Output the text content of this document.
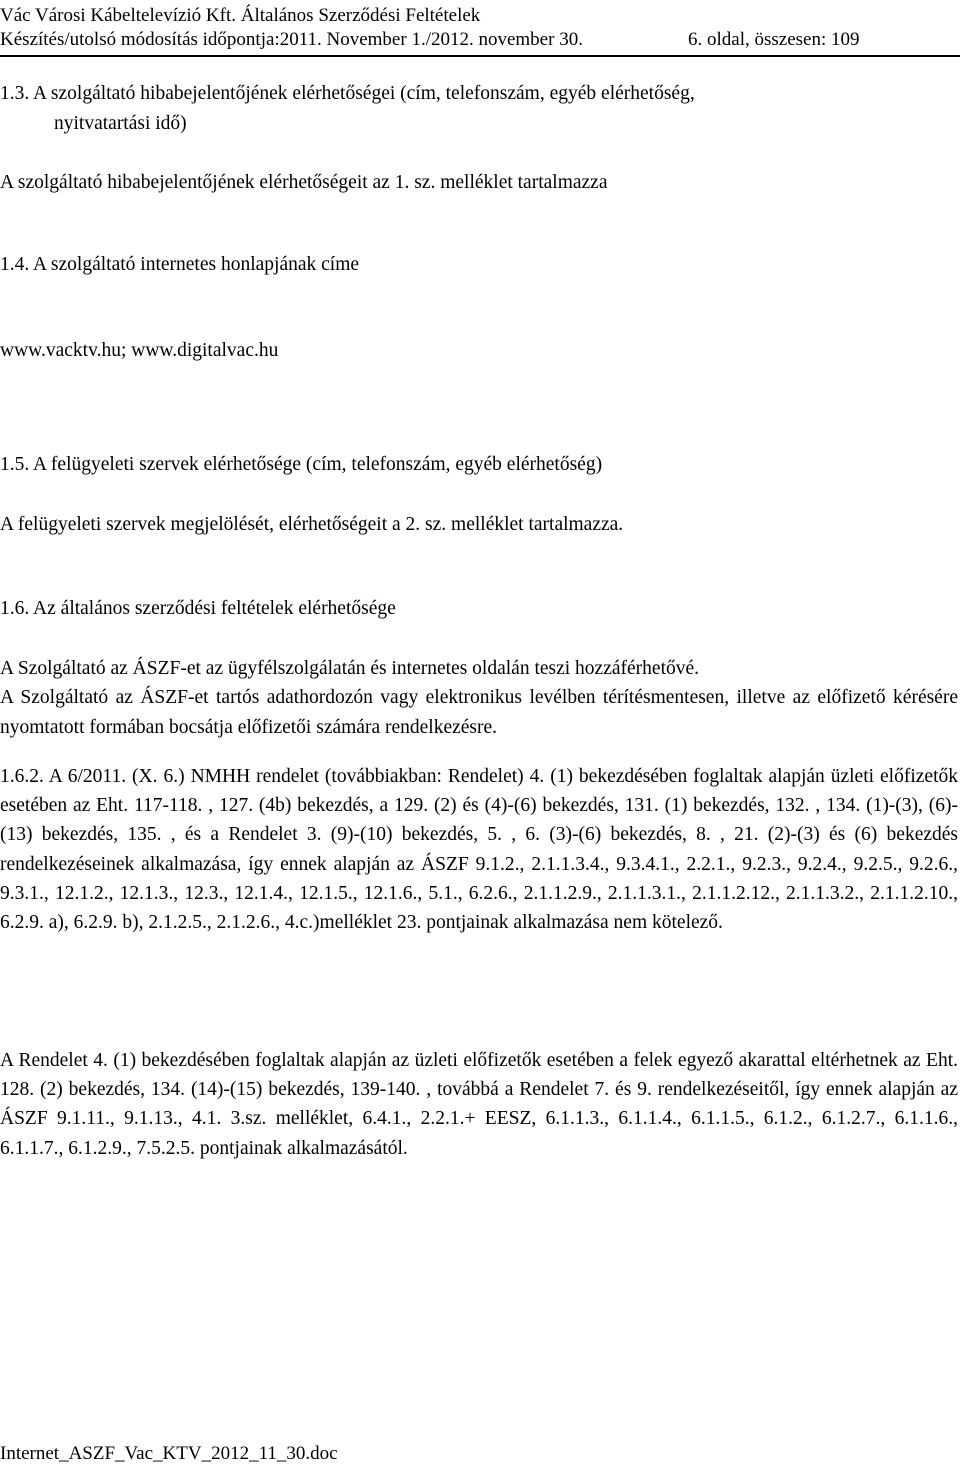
Vác Városi Kábeltelevízió Kft. Általános Szerződési Feltételek
Készítés/utolsó módosítás időpontja:2011. November 1./2012. november 30.	6. oldal, összesen: 109
1.3. A szolgáltató hibabejelentőjének elérhetőségei (cím, telefonszám, egyéb elérhetőség,
nyitvatartási idő)
A szolgáltató hibabejelentőjének elérhetőségeit az 1. sz. melléklet tartalmazza
1.4. A szolgáltató internetes honlapjának címe
www.vacktv.hu; www.digitalvac.hu
1.5. A felügyeleti szervek elérhetősége (cím, telefonszám, egyéb elérhetőség)
A felügyeleti szervek megjelölését, elérhetőségeit a 2. sz. melléklet tartalmazza.
1.6. Az általános szerződési feltételek elérhetősége
A Szolgáltató az ÁSZF-et az ügyfélszolgálatán és internetes oldalán teszi hozzáférhetővé.
A Szolgáltató az ÁSZF-et tartós adathordozón vagy elektronikus levélben térítésmentesen, illetve az előfizető kérésére nyomtatott formában bocsátja előfizetői számára rendelkezésre.
1.6.2. A 6/2011. (X. 6.) NMHH rendelet (továbbiakban: Rendelet) 4. (1) bekezdésében foglaltak alapján üzleti előfizetők esetében az Eht. 117-118. , 127. (4b) bekezdés, a 129. (2) és (4)-(6) bekezdés, 131. (1) bekezdés, 132. , 134. (1)-(3), (6)-(13) bekezdés, 135. , és a Rendelet 3. (9)-(10) bekezdés, 5. , 6. (3)-(6) bekezdés, 8. , 21. (2)-(3) és (6) bekezdés rendelkezéseinek alkalmazása, így ennek alapján az ÁSZF 9.1.2., 2.1.1.3.4., 9.3.4.1., 2.2.1., 9.2.3., 9.2.4., 9.2.5., 9.2.6., 9.3.1., 12.1.2., 12.1.3., 12.3., 12.1.4., 12.1.5., 12.1.6., 5.1., 6.2.6., 2.1.1.2.9., 2.1.1.3.1., 2.1.1.2.12., 2.1.1.3.2., 2.1.1.2.10., 6.2.9. a), 6.2.9. b), 2.1.2.5., 2.1.2.6., 4.c.)melléklet 23. pontjainak alkalmazása nem kötelező.
A Rendelet 4. (1) bekezdésében foglaltak alapján az üzleti előfizetők esetében a felek egyező akarattal eltérhetnek az Eht. 128. (2) bekezdés, 134. (14)-(15) bekezdés, 139-140. , továbbá a Rendelet 7. és 9. rendelkezéseitől, így ennek alapján az ÁSZF 9.1.11., 9.1.13., 4.1. 3.sz. melléklet, 6.4.1., 2.2.1.+ EESZ, 6.1.1.3., 6.1.1.4., 6.1.1.5., 6.1.2., 6.1.2.7., 6.1.1.6., 6.1.1.7., 6.1.2.9., 7.5.2.5. pontjainak alkalmazásától.
Internet_ASZF_Vac_KTV_2012_11_30.doc
